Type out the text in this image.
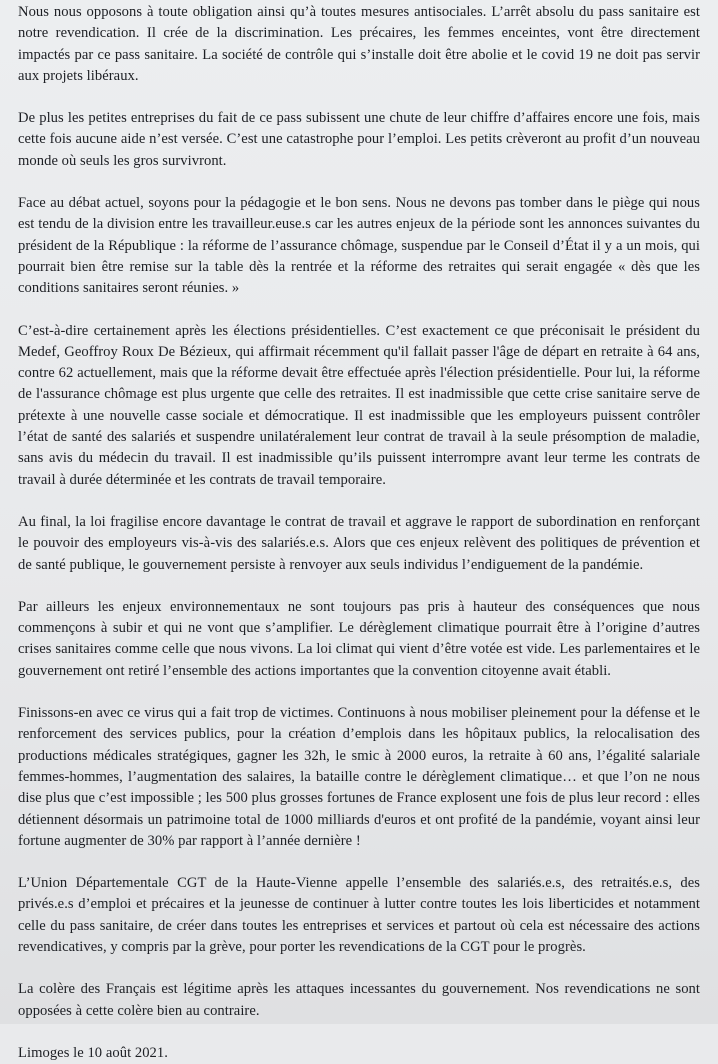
Nous nous opposons à toute obligation ainsi qu’à toutes mesures antisociales. L’arrêt absolu du pass sanitaire est notre revendication. Il crée de la discrimination. Les précaires, les femmes enceintes, vont être directement impactés par ce pass sanitaire. La société de contrôle qui s’installe doit être abolie et le covid 19 ne doit pas servir aux projets libéraux.

De plus les petites entreprises du fait de ce pass subissent une chute de leur chiffre d’affaires encore une fois, mais cette fois aucune aide n’est versée. C’est une catastrophe pour l’emploi. Les petits crèveront au profit d’un nouveau monde où seuls les gros survivront.

Face au débat actuel, soyons pour la pédagogie et le bon sens. Nous ne devons pas tomber dans le piège qui nous est tendu de la division entre les travailleur.euse.s car les autres enjeux de la période sont les annonces suivantes du président de la République : la réforme de l’assurance chômage, suspendue par le Conseil d’État il y a un mois, qui pourrait bien être remise sur la table dès la rentrée et la réforme des retraites qui serait engagée « dès que les conditions sanitaires seront réunies. »

C’est-à-dire certainement après les élections présidentielles. C’est exactement ce que préconisait le président du Medef, Geoffroy Roux De Bézieux, qui affirmait récemment qu'il fallait passer l'âge de départ en retraite à 64 ans, contre 62 actuellement, mais que la réforme devait être effectuée après l'élection présidentielle. Pour lui, la réforme de l'assurance chômage est plus urgente que celle des retraites. Il est inadmissible que cette crise sanitaire serve de prétexte à une nouvelle casse sociale et démocratique. Il est inadmissible que les employeurs puissent contrôler l’état de santé des salariés et suspendre unilatéralement leur contrat de travail à la seule présomption de maladie, sans avis du médecin du travail. Il est inadmissible qu’ils puissent interrompre avant leur terme les contrats de travail à durée déterminée et les contrats de travail temporaire.

Au final, la loi fragilise encore davantage le contrat de travail et aggrave le rapport de subordination en renforçant le pouvoir des employeurs vis-à-vis des salariés.e.s. Alors que ces enjeux relèvent des politiques de prévention et de santé publique, le gouvernement persiste à renvoyer aux seuls individus l’endiguement de la pandémie.

Par ailleurs les enjeux environnementaux ne sont toujours pas pris à hauteur des conséquences que nous commençons à subir et qui ne vont que s’amplifier. Le dérèglement climatique pourrait être à l’origine d’autres crises sanitaires comme celle que nous vivons. La loi climat qui vient d’être votée est vide. Les parlementaires et le gouvernement ont retiré l’ensemble des actions importantes que la convention citoyenne avait établi.

Finissons-en avec ce virus qui a fait trop de victimes. Continuons à nous mobiliser pleinement pour la défense et le renforcement des services publics, pour la création d’emplois dans les hôpitaux publics, la relocalisation des productions médicales stratégiques, gagner les 32h, le smic à 2000 euros, la retraite à 60 ans, l’égalité salariale femmes-hommes, l’augmentation des salaires, la bataille contre le dérèglement climatique… et que l’on ne nous dise plus que c’est impossible ; les 500 plus grosses fortunes de France explosent une fois de plus leur record : elles détiennent désormais un patrimoine total de 1000 milliards d'euros et ont profité de la pandémie, voyant ainsi leur fortune augmenter de 30% par rapport à l’année dernière !

L’Union Départementale CGT de la Haute-Vienne appelle l’ensemble des salariés.e.s, des retraités.e.s, des privés.e.s d’emploi et précaires et la jeunesse de continuer à lutter contre toutes les lois liberticides et notamment celle du pass sanitaire, de créer dans toutes les entreprises et services et partout où cela est nécessaire des actions revendicatives, y compris par la grève, pour porter les revendications de la CGT pour le progrès.

La colère des Français est légitime après les attaques incessantes du gouvernement. Nos revendications ne sont opposées à cette colère bien au contraire.

Limoges le 10 août 2021.
